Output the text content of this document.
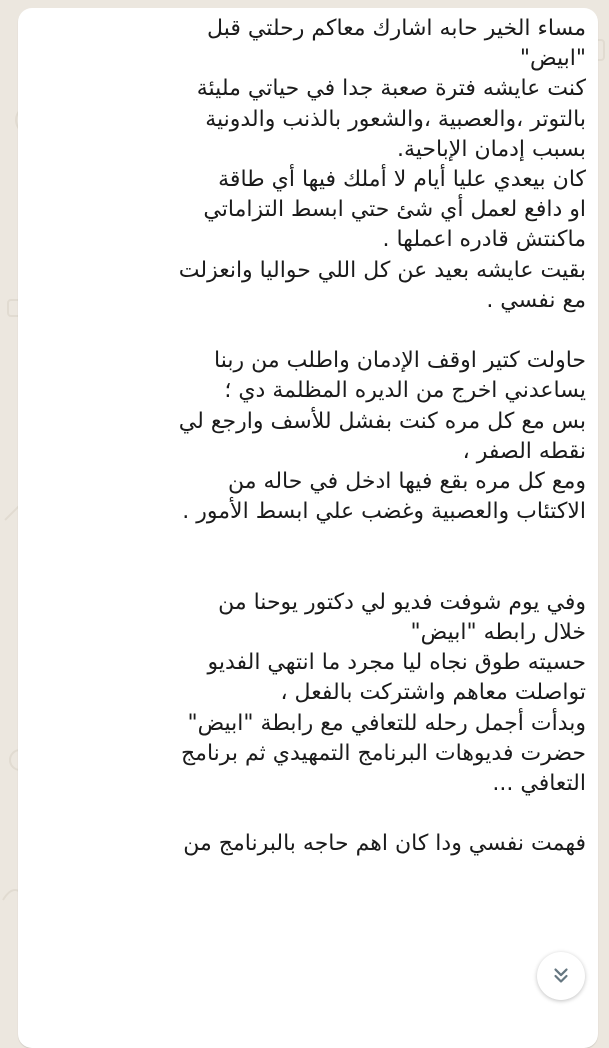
مساء الخير حابه اشارك معاكم رحلتي قبل
"ابيض"
كنت عايشه فترة صعبة جدا في حياتي مليئة
بالتوتر ،والعصبية ،والشعور بالذنب والدونية
بسبب إدمان الإباحية.
كان بيعدي عليا أيام لا أملك فيها أي طاقة
او دافع لعمل أي شئ حتي ابسط التزاماتي
ماكنتش قادره اعملها .
بقيت عايشه بعيد عن كل اللي حواليا وانعزلت
مع نفسي .

حاولت كتير اوقف الإدمان واطلب من ربنا
يساعدني اخرج من الديره المظلمة دي ؛
بس مع كل مره كنت بفشل للأسف وارجع لي
نقطه الصفر ،
ومع كل مره بقع فيها ادخل في حاله من
الاكتئاب والعصبية وغضب علي ابسط الأمور .

وفي يوم شوفت فديو لي دكتور يوحنا من
خلال رابطه "ابيض"
حسيته طوق نجاه ليا مجرد ما انتهي الفديو
تواصلت معاهم واشتركت بالفعل ،
وبدأت أجمل رحله للتعافي مع رابطة "ابيض"
حضرت فديوهات البرنامج التمهيدي ثم برنامج
التعافي ...

فهمت نفسي ودا كان اهم حاجه بالبرنامج من
